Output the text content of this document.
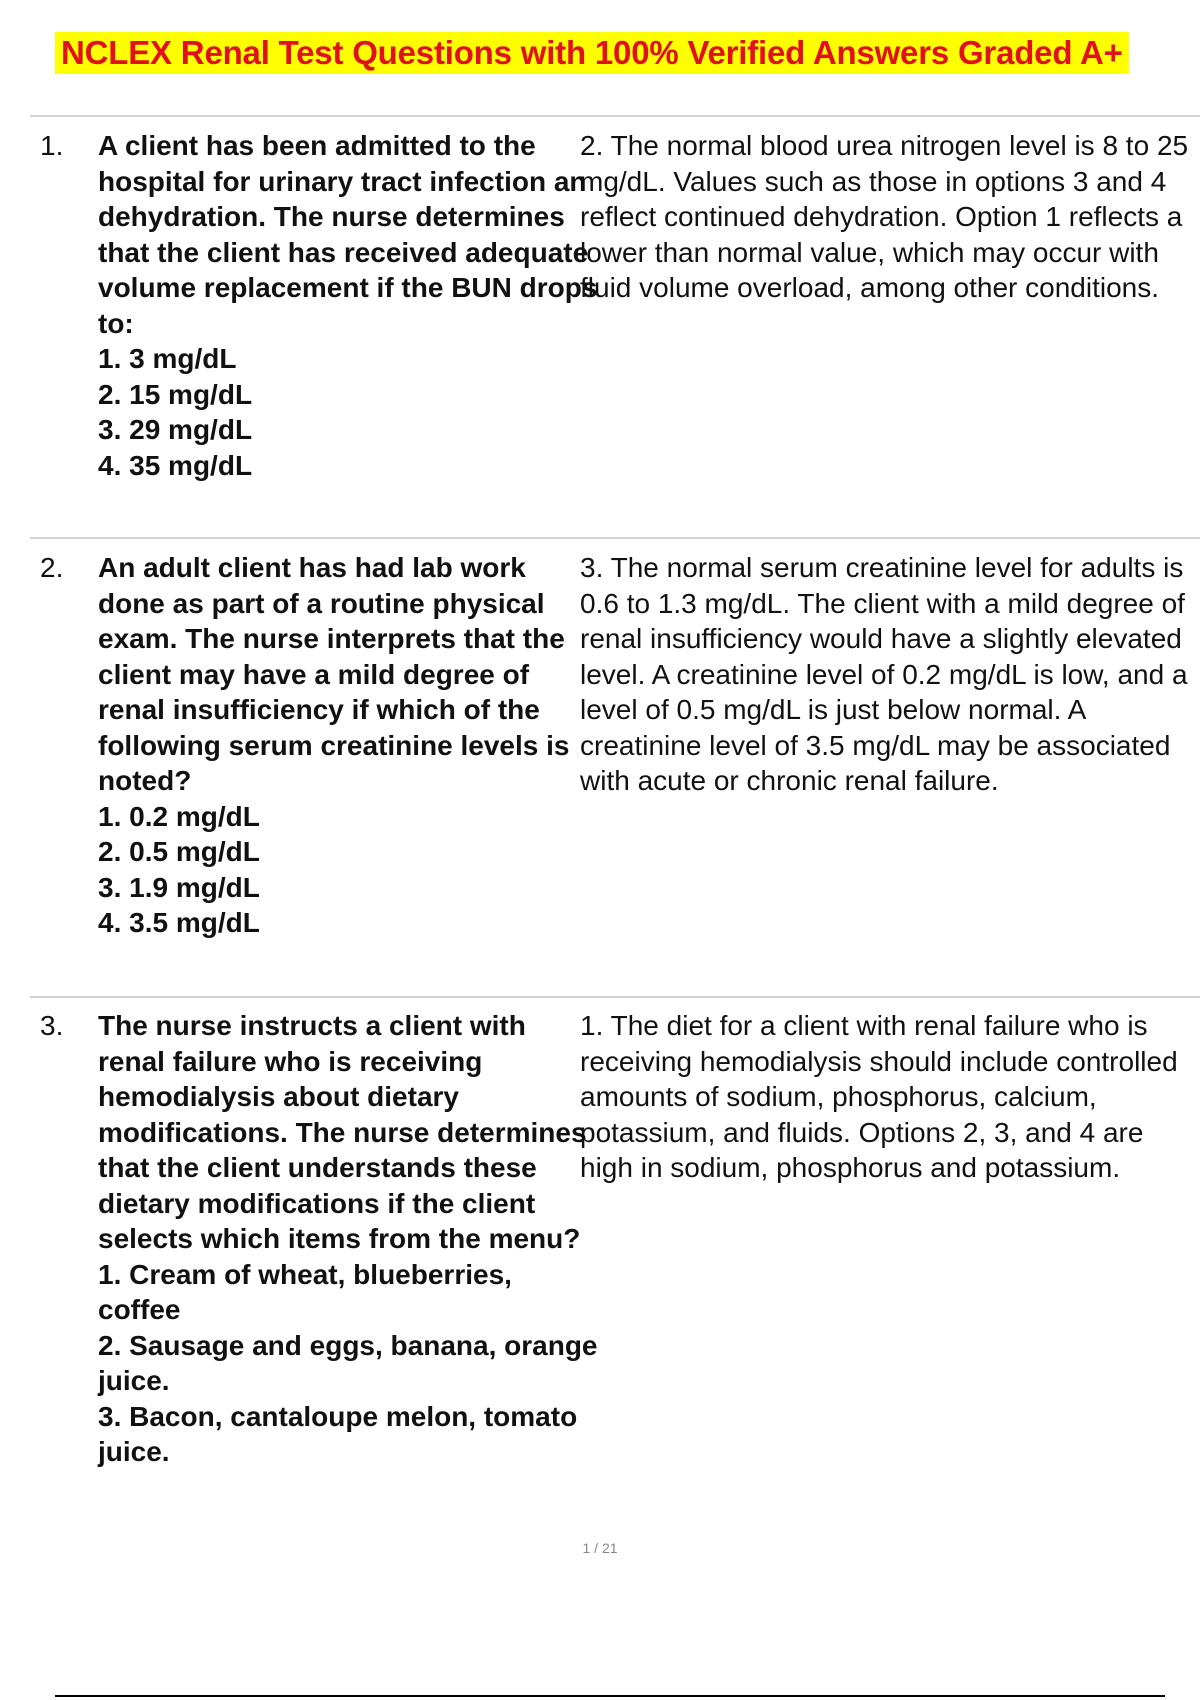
NCLEX Renal Test Questions with 100% Verified Answers Graded A+
1. A client has been admitted to the hospital for urinary tract infection an dehydration. The nurse determines that the client has received adequate volume replacement if the BUN drops to:
1. 3 mg/dL
2. 15 mg/dL
3. 29 mg/dL
4. 35 mg/dL
2. The normal blood urea nitrogen level is 8 to 25 mg/dL. Values such as those in options 3 and 4 reflect continued dehydration. Option 1 reflects a lower than normal value, which may occur with fluid volume overload, among other conditions.
2. An adult client has had lab work done as part of a routine physical exam. The nurse interprets that the client may have a mild degree of renal insufficiency if which of the following serum creatinine levels is noted?
1. 0.2 mg/dL
2. 0.5 mg/dL
3. 1.9 mg/dL
4. 3.5 mg/dL
3. The normal serum creatinine level for adults is 0.6 to 1.3 mg/dL. The client with a mild degree of renal insufficiency would have a slightly elevated level. A creatinine level of 0.2 mg/dL is low, and a level of 0.5 mg/dL is just below normal. A creatinine level of 3.5 mg/dL may be associated with acute or chronic renal failure.
3. The nurse instructs a client with renal failure who is receiving hemodialysis about dietary modifications. The nurse determines that the client understands these dietary modifications if the client selects which items from the menu?
1. Cream of wheat, blueberries, coffee
2. Sausage and eggs, banana, orange juice.
3. Bacon, cantaloupe melon, tomato juice.
1. The diet for a client with renal failure who is receiving hemodialysis should include controlled amounts of sodium, phosphorus, calcium, potassium, and fluids. Options 2, 3, and 4 are high in sodium, phosphorus and potassium.
1 / 21
